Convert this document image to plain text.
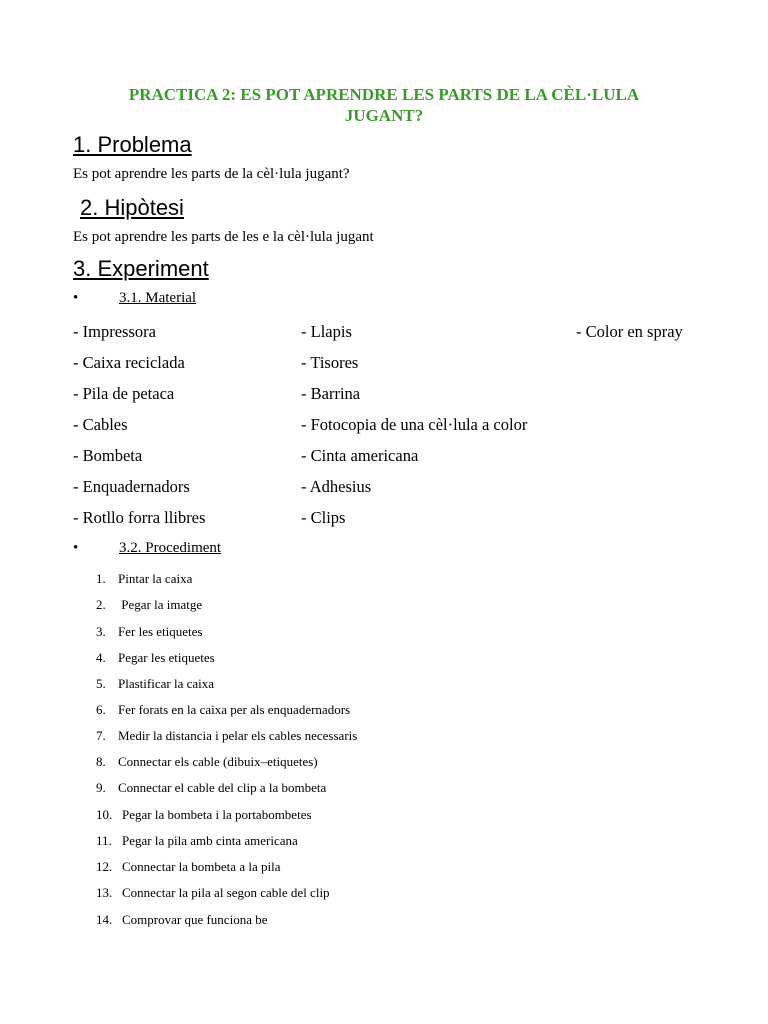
PRACTICA 2: ES POT APRENDRE LES PARTS DE LA CÈL·LULA
JUGANT?
1. Problema
Es pot aprendre les parts de la cèl·lula jugant?
2. Hipòtesi
Es pot aprendre les parts de les e la cèl·lula jugant
3. Experiment
•	3.1. Material
- Impressora
- Caixa reciclada
- Pila de petaca
- Cables
- Bombeta
- Enquadernadors
- Rotllo forra llibres
- Llapis
- Tisores
- Barrina
- Fotocopia de una cèl·lula a color
- Cinta americana
- Adhesius
- Clips
- Color en spray
•	3.2. Procediment
1. Pintar la caixa
2. Pegar la imatge
3. Fer les etiquetes
4. Pegar les etiquetes
5. Plastificar la caixa
6. Fer forats en la caixa per als enquadernadors
7. Medir la distancia i pelar els cables necessaris
8. Connectar els cable (dibuix–etiquetes)
9. Connectar el cable del clip a la bombeta
10. Pegar la bombeta i la portabombetes
11. Pegar la pila amb cinta americana
12. Connectar la bombeta a la pila
13. Connectar la pila al segon cable del clip
14. Comprovar que funciona be
